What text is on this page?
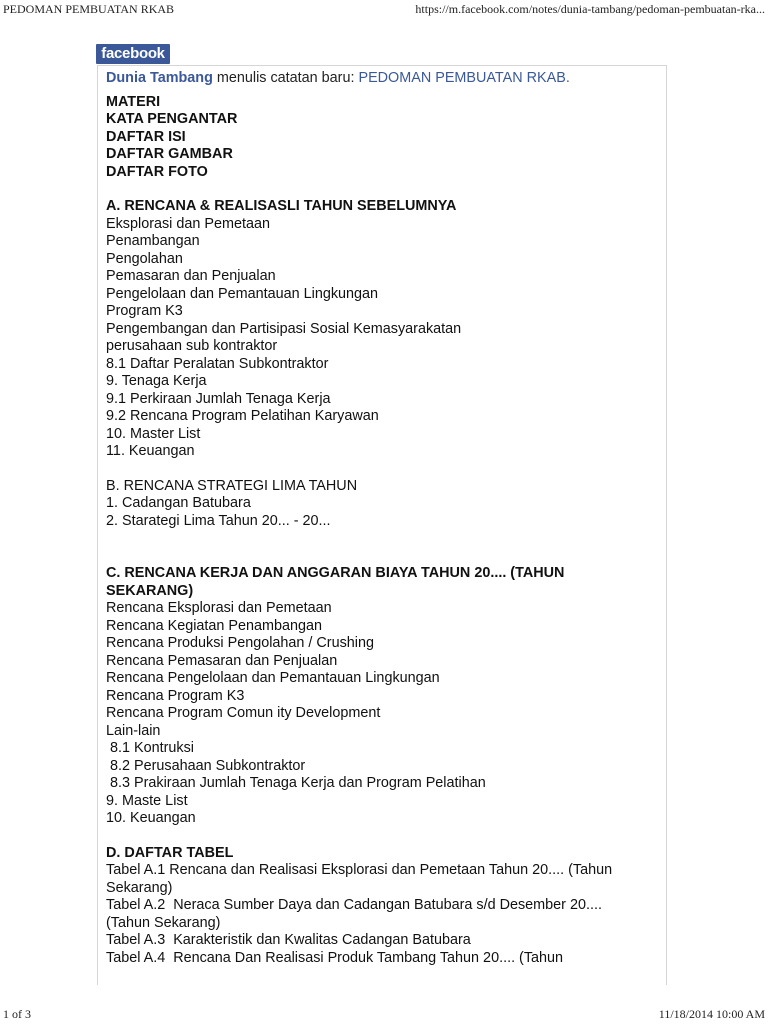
PEDOMAN PEMBUATAN RKAB	https://m.facebook.com/notes/dunia-tambang/pedoman-pembuatan-rka...
facebook
Dunia Tambang menulis catatan baru: PEDOMAN PEMBUATAN RKAB.
MATERI
KATA PENGANTAR
DAFTAR ISI
DAFTAR GAMBAR
DAFTAR FOTO
A. RENCANA & REALISASLI TAHUN SEBELUMNYA
Eksplorasi dan Pemetaan
Penambangan
Pengolahan
Pemasaran dan Penjualan
Pengelolaan dan Pemantauan Lingkungan
Program K3
Pengembangan dan Partisipasi Sosial Kemasyarakatan
perusahaan sub kontraktor
8.1 Daftar Peralatan Subkontraktor
9. Tenaga Kerja
9.1 Perkiraan Jumlah Tenaga Kerja
9.2 Rencana Program Pelatihan Karyawan
10. Master List
11. Keuangan
B. RENCANA STRATEGI LIMA TAHUN
1. Cadangan Batubara
2. Starategi Lima Tahun 20... - 20...
C. RENCANA KERJA DAN ANGGARAN BIAYA TAHUN 20.... (TAHUN
SEKARANG)
Rencana Eksplorasi dan Pemetaan
Rencana Kegiatan Penambangan
Rencana Produksi Pengolahan / Crushing
Rencana Pemasaran dan Penjualan
Rencana Pengelolaan dan Pemantauan Lingkungan
Rencana Program K3
Rencana Program Comun ity Development
Lain-lain
8.1 Kontruksi
8.2 Perusahaan Subkontraktor
8.3 Prakiraan Jumlah Tenaga Kerja dan Program Pelatihan
9. Maste List
10. Keuangan
D. DAFTAR TABEL
Tabel A.1 Rencana dan Realisasi Eksplorasi dan Pemetaan Tahun 20.... (Tahun
Sekarang)
Tabel A.2  Neraca Sumber Daya dan Cadangan Batubara s/d Desember 20....
(Tahun Sekarang)
Tabel A.3  Karakteristik dan Kwalitas Cadangan Batubara
Tabel A.4  Rencana Dan Realisasi Produk Tambang Tahun 20.... (Tahun
1 of 3	11/18/2014 10:00 AM
